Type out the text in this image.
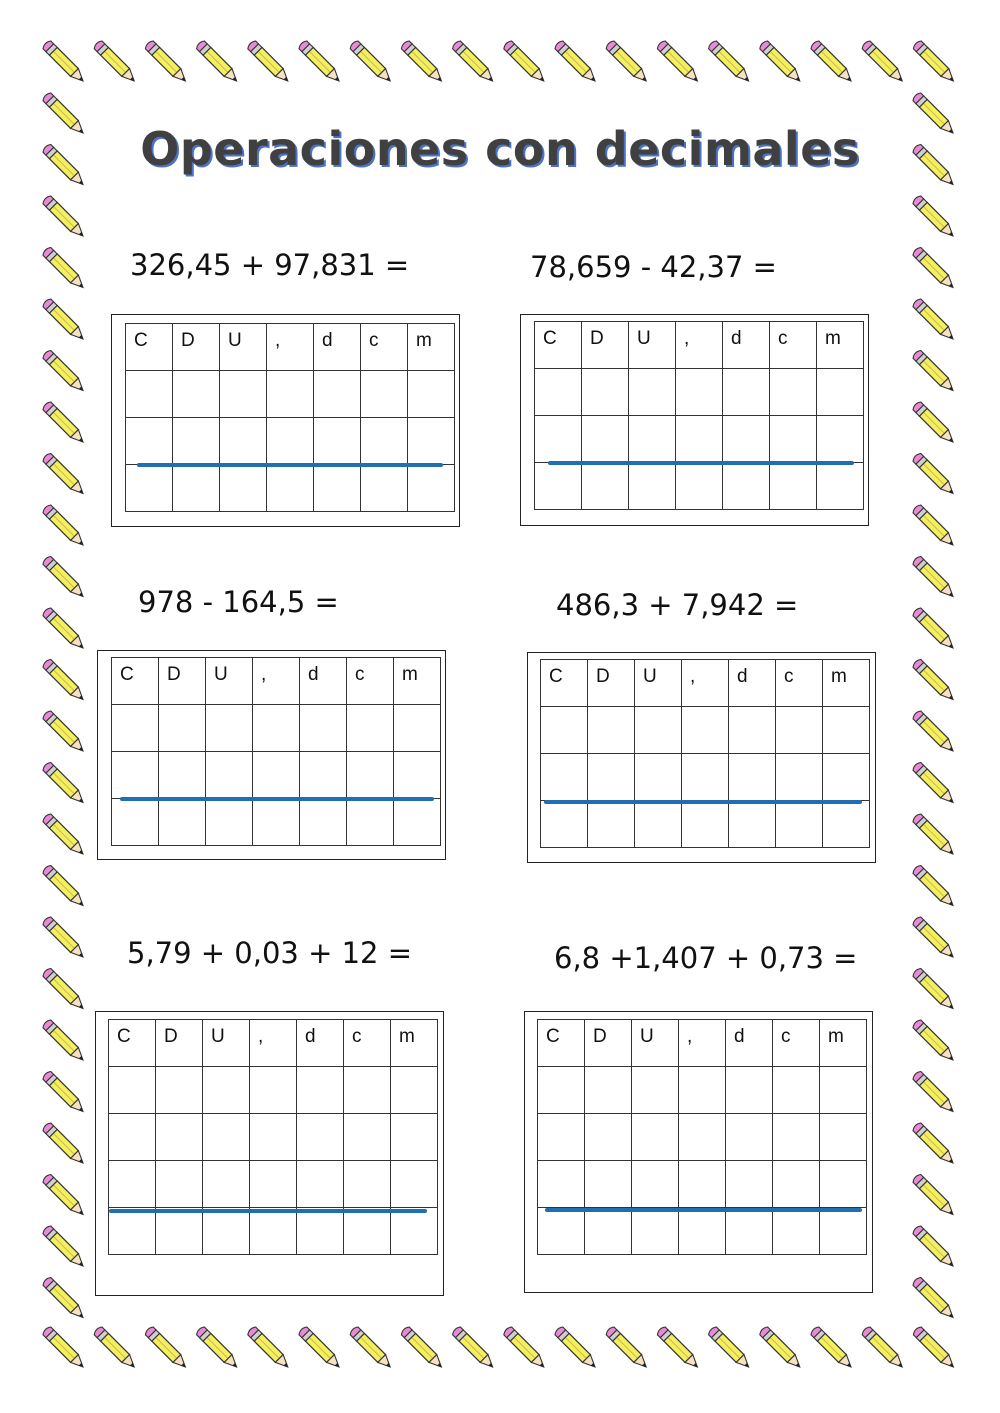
Operaciones con decimales
326,45 + 97,831 =
C	D	U	,	d	c	m

78,659 - 42,37 =
C	D	U	,	d	c	m

978 - 164,5 =
C	D	U	,	d	c	m

486,3 + 7,942 =
C	D	U	,	d	c	m

5,79 + 0,03 + 12 =
C	D	U	,	d	c	m

6,8 +1,407 + 0,73 =
C	D	U	,	d	c	m
